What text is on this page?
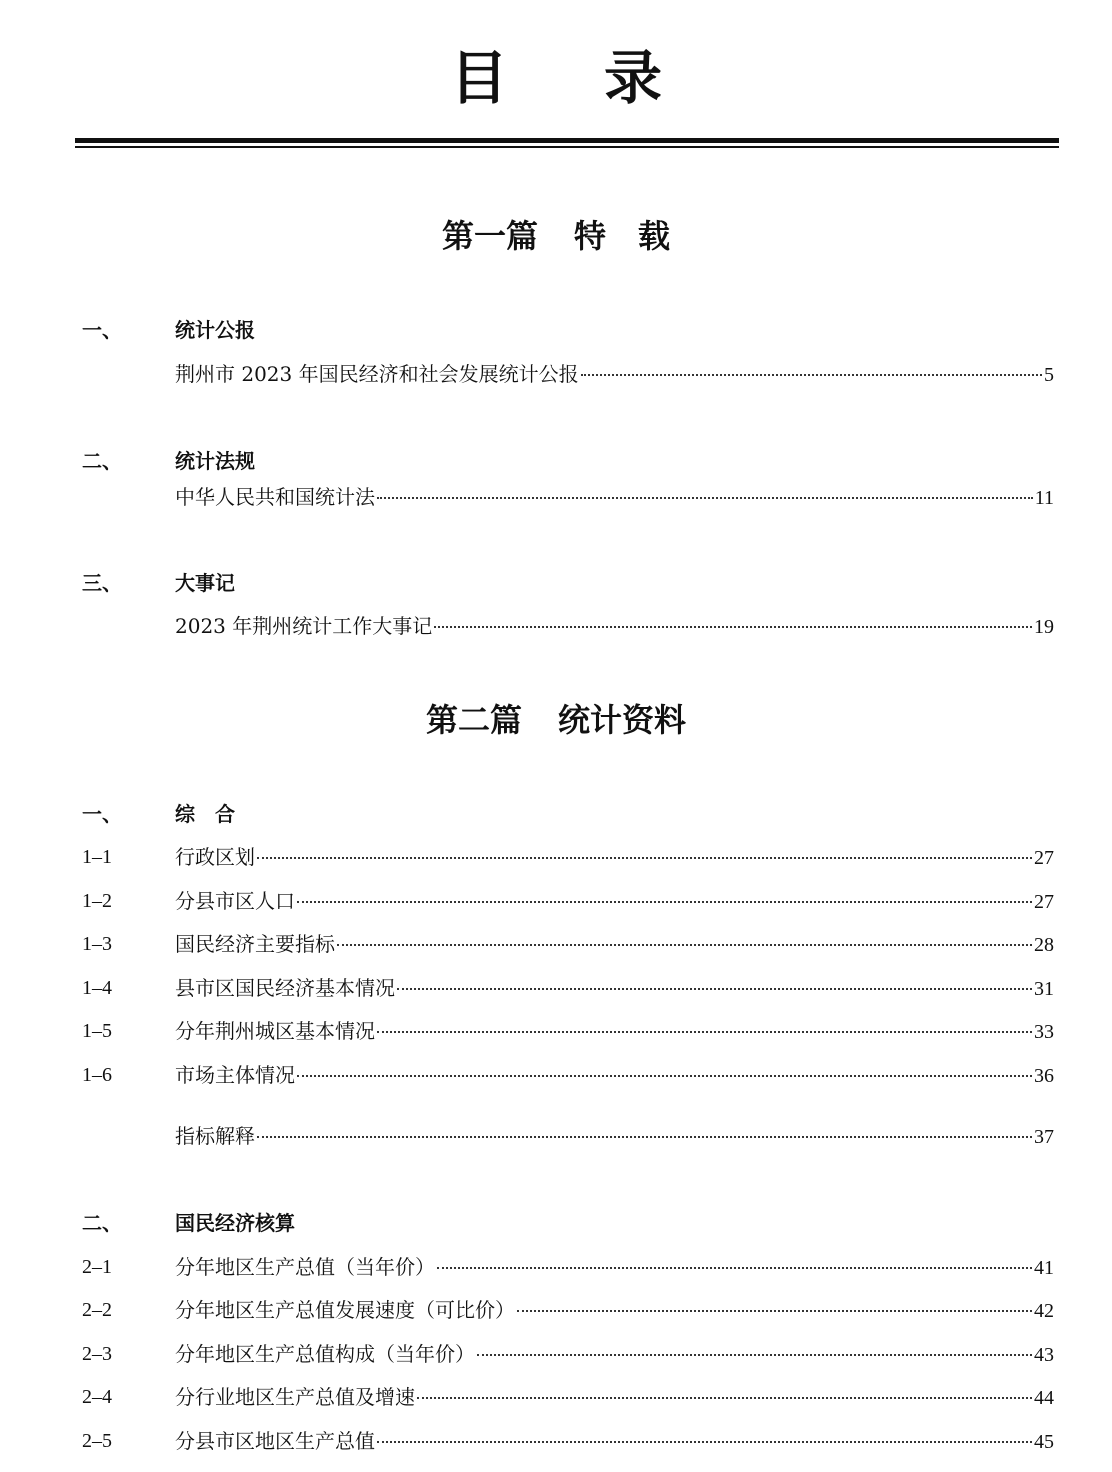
目 录
第一篇 特　载
一、	统计公报
荆州市 2023 年国民经济和社会发展统计公报	5
二、	统计法规
中华人民共和国统计法	11
三、	大事记
2023 年荆州统计工作大事记	19
第二篇 统计资料
一、	综　合
1–1	行政区划	27
1–2	分县市区人口	27
1–3	国民经济主要指标	28
1–4	县市区国民经济基本情况	31
1–5	分年荆州城区基本情况	33
1–6	市场主体情况	36
指标解释	37
二、	国民经济核算
2–1	分年地区生产总值（当年价）	41
2–2	分年地区生产总值发展速度（可比价）	42
2–3	分年地区生产总值构成（当年价）	43
2–4	分行业地区生产总值及增速	44
2–5	分县市区地区生产总值	45
